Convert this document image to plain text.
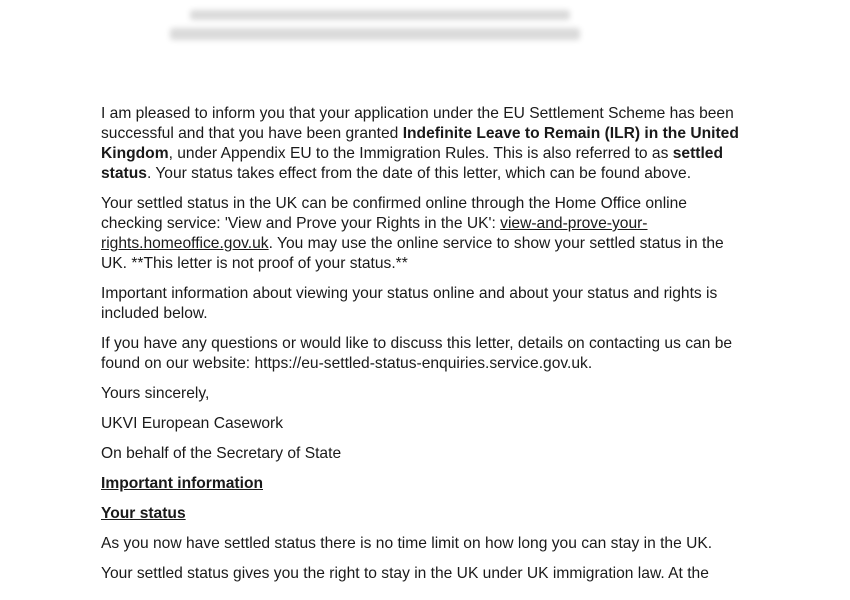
I am pleased to inform you that your application under the EU Settlement Scheme has been successful and that you have been granted Indefinite Leave to Remain (ILR) in the United Kingdom, under Appendix EU to the Immigration Rules. This is also referred to as settled status. Your status takes effect from the date of this letter, which can be found above.

Your settled status in the UK can be confirmed online through the Home Office online checking service: 'View and Prove your Rights in the UK': view-and-prove-your-rights.homeoffice.gov.uk. You may use the online service to show your settled status in the UK. **This letter is not proof of your status.**

Important information about viewing your status online and about your status and rights is included below.

If you have any questions or would like to discuss this letter, details on contacting us can be found on our website: https://eu-settled-status-enquiries.service.gov.uk.

Yours sincerely,

UKVI European Casework

On behalf of the Secretary of State

Important information
Your status

As you now have settled status there is no time limit on how long you can stay in the UK.

Your settled status gives you the right to stay in the UK under UK immigration law. At the
